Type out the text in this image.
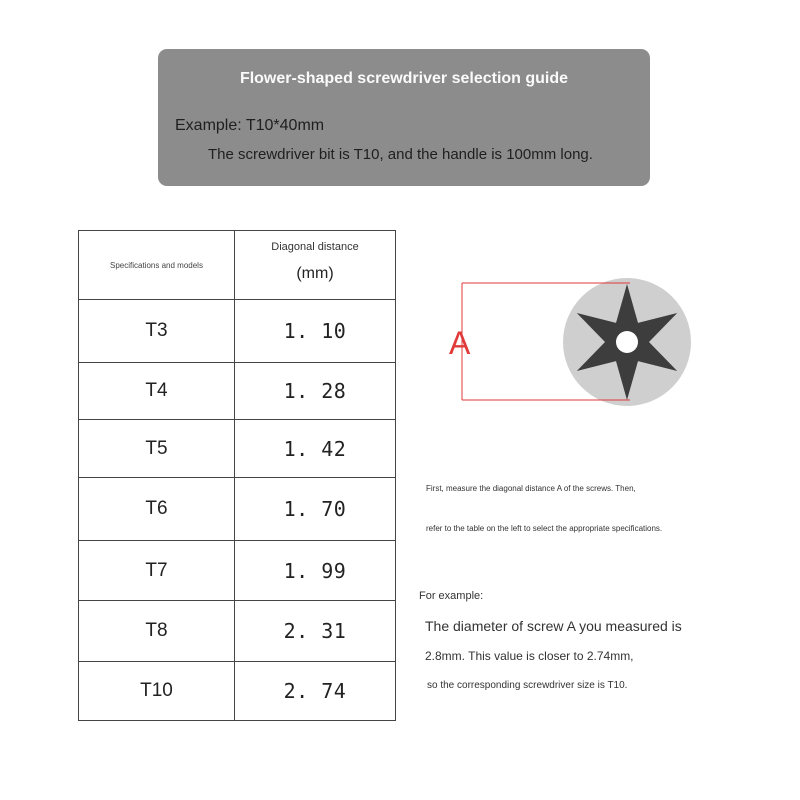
Flower-shaped screwdriver selection guide
Example: T10*40mm
The screwdriver bit is T10, and the handle is 100mm long.
Specifications and models	Diagonal distance
(mm)

T3	1. 10
T4	1. 28
T5	1. 42
T6	1. 70
T7	1. 99
T8	2. 31
T10	2. 74
A
First, measure the diagonal distance A of the screws. Then,
refer to the table on the left to select the appropriate specifications.
For example:
The diameter of screw A you measured is
2.8mm. This value is closer to 2.74mm,
so the corresponding screwdriver size is T10.
